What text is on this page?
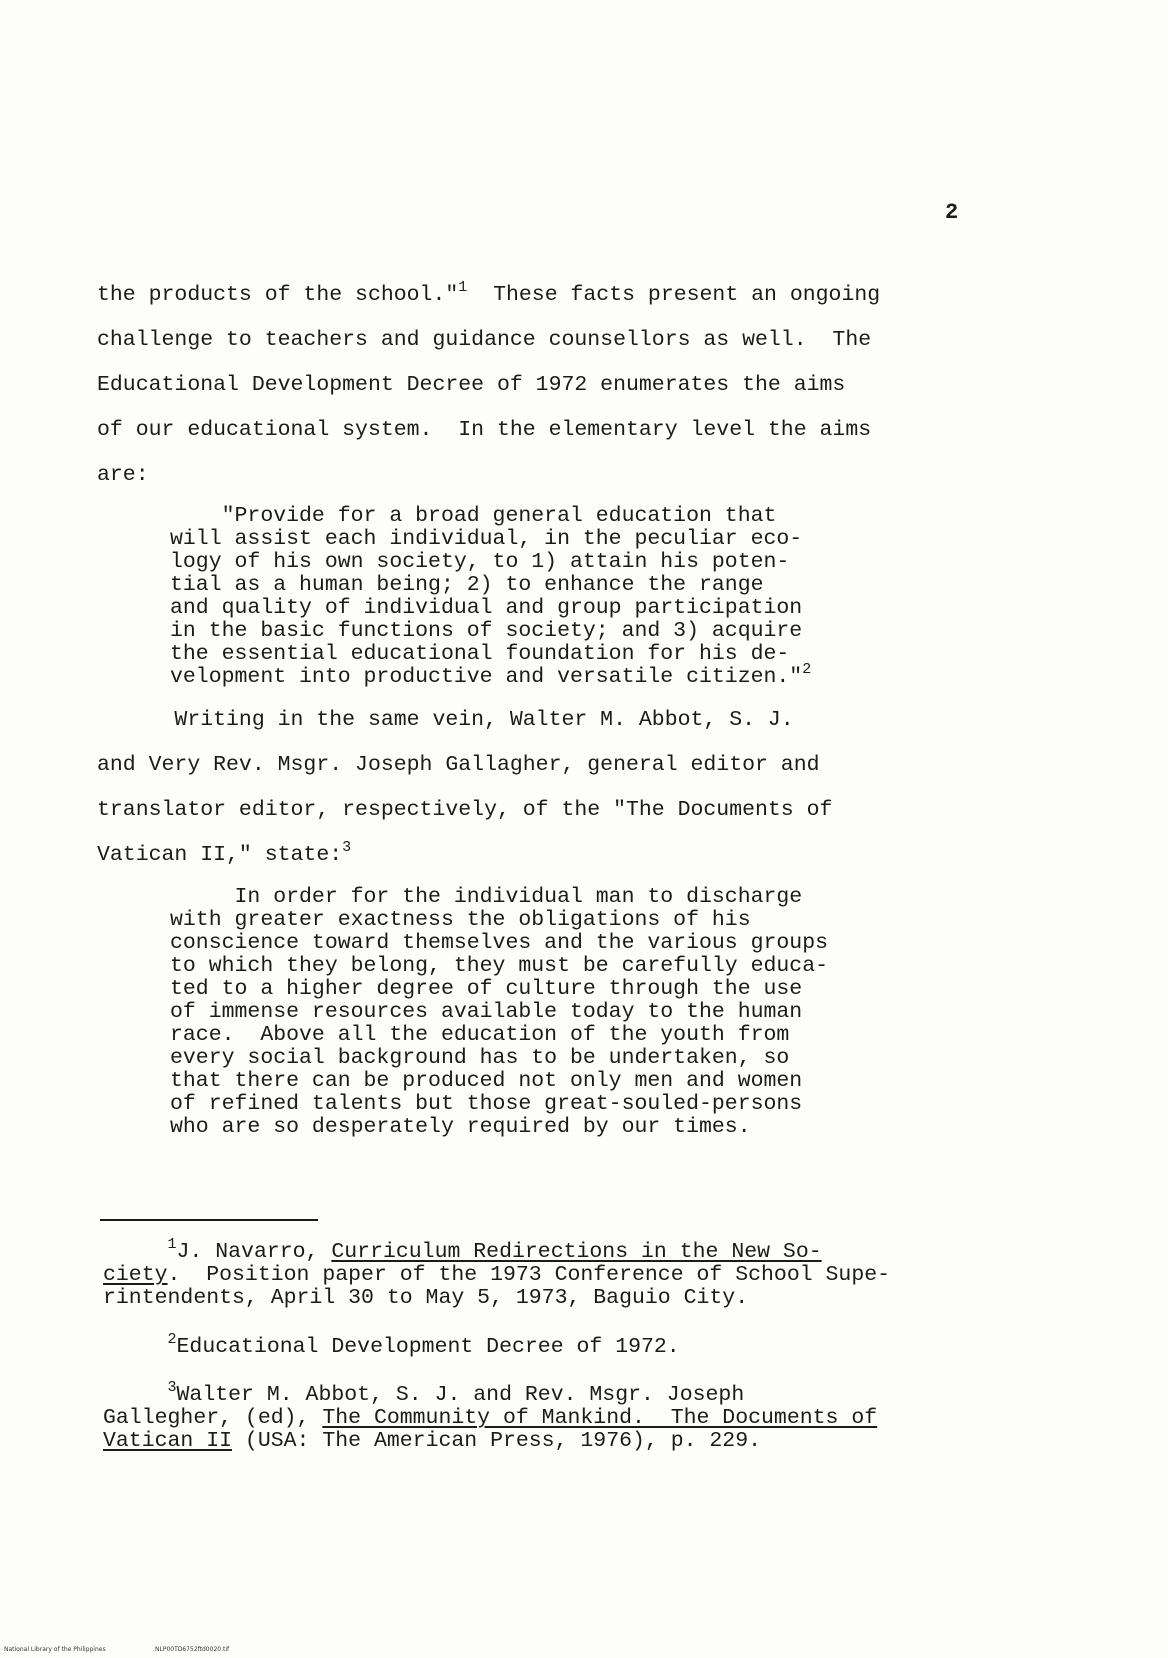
2

the products of the school."$^1$  These facts present an ongoing

challenge to teachers and guidance counsellors as well.  The

Educational Development Decree of 1972 enumerates the aims

of our educational system.  In the elementary level the aims

are:

"Provide for a broad general education that

will assist each individual, in the peculiar eco-

logy of his own society, to 1) attain his poten-

tial as a human being; 2) to enhance the range

and quality of individual and group participation

in the basic functions of society; and 3) acquire

the essential educational foundation for his de-

velopment into productive and versatile citizen."$^2$

Writing in the same vein, Walter M. Abbot, S. J.

and Very Rev. Msgr. Joseph Gallagher, general editor and

translator editor, respectively, of the "The Documents of

Vatican II," state:$^3$

In order for the individual man to discharge

with greater exactness the obligations of his

conscience toward themselves and the various groups

to which they belong, they must be carefully educa-

ted to a higher degree of culture through the use

of immense resources available today to the human

race.  Above all the education of the youth from

every social background has to be undertaken, so

that there can be produced not only men and women

of refined talents but those great-souled-persons

who are so desperately required by our times.

$^1$J. Navarro, Curriculum Redirections in the New So-

ciety.  Position paper of the 1973 Conference of School Supe-

rintendents, April 30 to May 5, 1973, Baguio City.

$^2$Educational Development Decree of 1972.

$^3$Walter M. Abbot, S. J. and Rev. Msgr. Joseph

Gallegher, (ed), The Community of Mankind.  The Documents of

Vatican II (USA: The American Press, 1976), p. 229.

National Library of the Philippines	NLP00TD6752ftd0020.tif
